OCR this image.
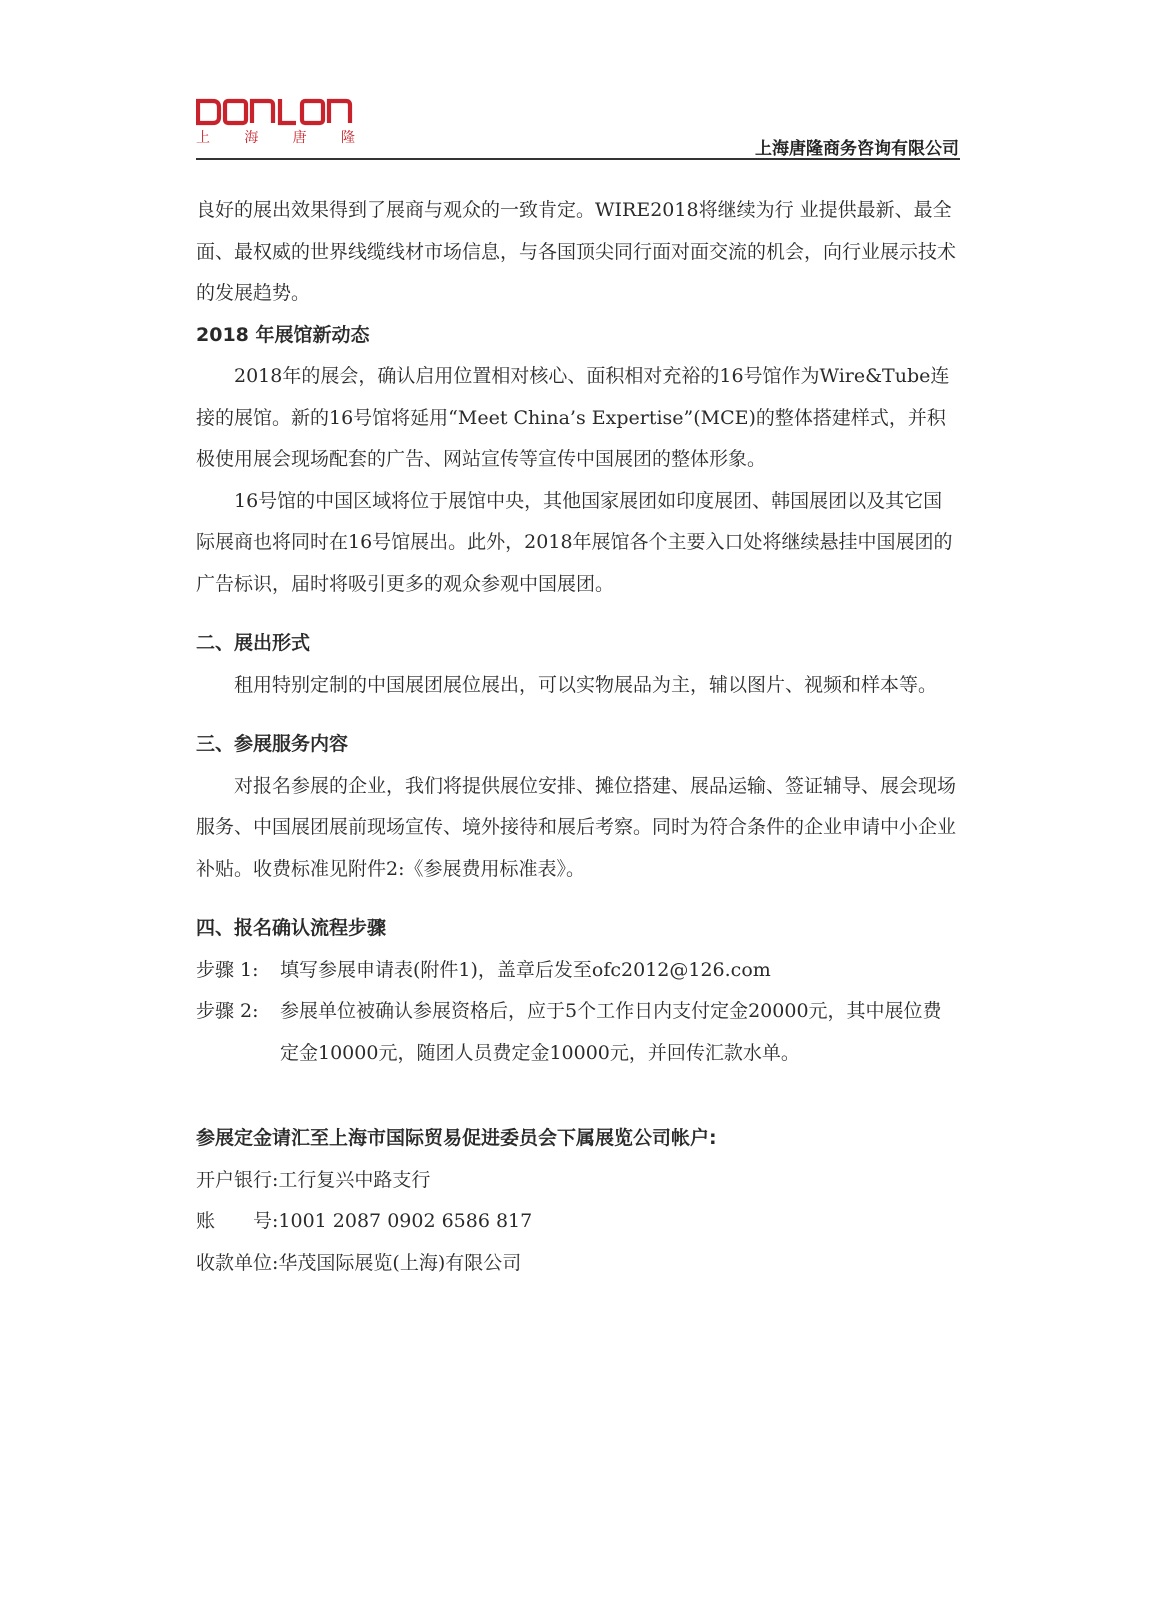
上 海 唐 隆
上海唐隆商务咨询有限公司

良好的展出效果得到了展商与观众的一致肯定。WIRE2018将继续为行 业提供最新、最全面、最权威的世界线缆线材市场信息，与各国顶尖同行面对面交流的机会，向行业展示技术的发展趋势。

2018 年展馆新动态

2018年的展会，确认启用位置相对核心、面积相对充裕的16号馆作为Wire&Tube连接的展馆。新的16号馆将延用“Meet China’s Expertise”(MCE)的整体搭建样式，并积极使用展会现场配套的广告、网站宣传等宣传中国展团的整体形象。

16号馆的中国区域将位于展馆中央，其他国家展团如印度展团、韩国展团以及其它国际展商也将同时在16号馆展出。此外，2018年展馆各个主要入口处将继续悬挂中国展团的广告标识，届时将吸引更多的观众参观中国展团。

二、展出形式

租用特别定制的中国展团展位展出，可以实物展品为主，辅以图片、视频和样本等。

三、参展服务内容

对报名参展的企业，我们将提供展位安排、摊位搭建、展品运输、签证辅导、展会现场服务、中国展团展前现场宣传、境外接待和展后考察。同时为符合条件的企业申请中小企业补贴。收费标准见附件2:《参展费用标准表》。

四、报名确认流程步骤

步骤 1:	填写参展申请表(附件1)，盖章后发至ofc2012@126.com
步骤 2:	参展单位被确认参展资格后，应于5个工作日内支付定金20000元，其中展位费定金10000元，随团人员费定金10000元，并回传汇款水单。

参展定金请汇至上海市国际贸易促进委员会下属展览公司帐户:

开户银行:工行复兴中路支行

账　　号:1001 2087 0902 6586 817

收款单位:华茂国际展览(上海)有限公司
